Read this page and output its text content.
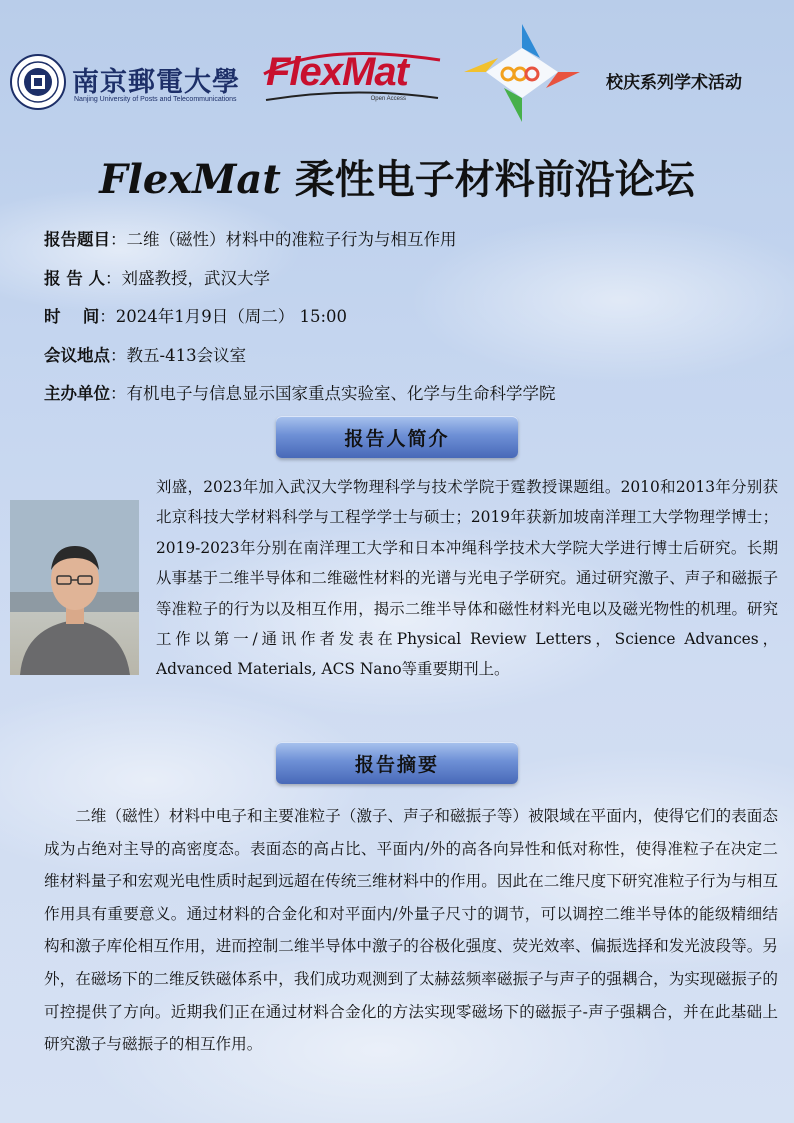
南京郵電大學
Nanjing University of Posts and Telecommunications
FlexMat
Open Access
校庆系列学术活动
FlexMat 柔性电子材料前沿论坛
报告题目：二维（磁性）材料中的准粒子行为与相互作用
报 告 人：刘盛教授，武汉大学
时　 间：2024年1月9日（周二） 15:00
会议地点：教五-413会议室
主办单位：有机电子与信息显示国家重点实验室、化学与生命科学学院
报告人简介
刘盛，2023年加入武汉大学物理科学与技术学院于霆教授课题组。2010和2013年分别获北京科技大学材料科学与工程学学士与硕士；2019年获新加坡南洋理工大学物理学博士；2019-2023年分别在南洋理工大学和日本冲绳科学技术大学院大学进行博士后研究。长期从事基于二维半导体和二维磁性材料的光谱与光电子学研究。通过研究激子、声子和磁振子等准粒子的行为以及相互作用，揭示二维半导体和磁性材料光电以及磁光物性的机理。研究工作以第一/通讯作者发表在Physical Review Letters，Science Advances，Advanced Materials, ACS Nano等重要期刊上。
报告摘要
二维（磁性）材料中电子和主要准粒子（激子、声子和磁振子等）被限域在平面内，使得它们的表面态成为占绝对主导的高密度态。表面态的高占比、平面内/外的高各向异性和低对称性，使得准粒子在决定二维材料量子和宏观光电性质时起到远超在传统三维材料中的作用。因此在二维尺度下研究准粒子行为与相互作用具有重要意义。通过材料的合金化和对平面内/外量子尺寸的调节，可以调控二维半导体的能级精细结构和激子库伦相互作用，进而控制二维半导体中激子的谷极化强度、荧光效率、偏振选择和发光波段等。另外，在磁场下的二维反铁磁体系中，我们成功观测到了太赫兹频率磁振子与声子的强耦合，为实现磁振子的可控提供了方向。近期我们正在通过材料合金化的方法实现零磁场下的磁振子-声子强耦合，并在此基础上研究激子与磁振子的相互作用。
